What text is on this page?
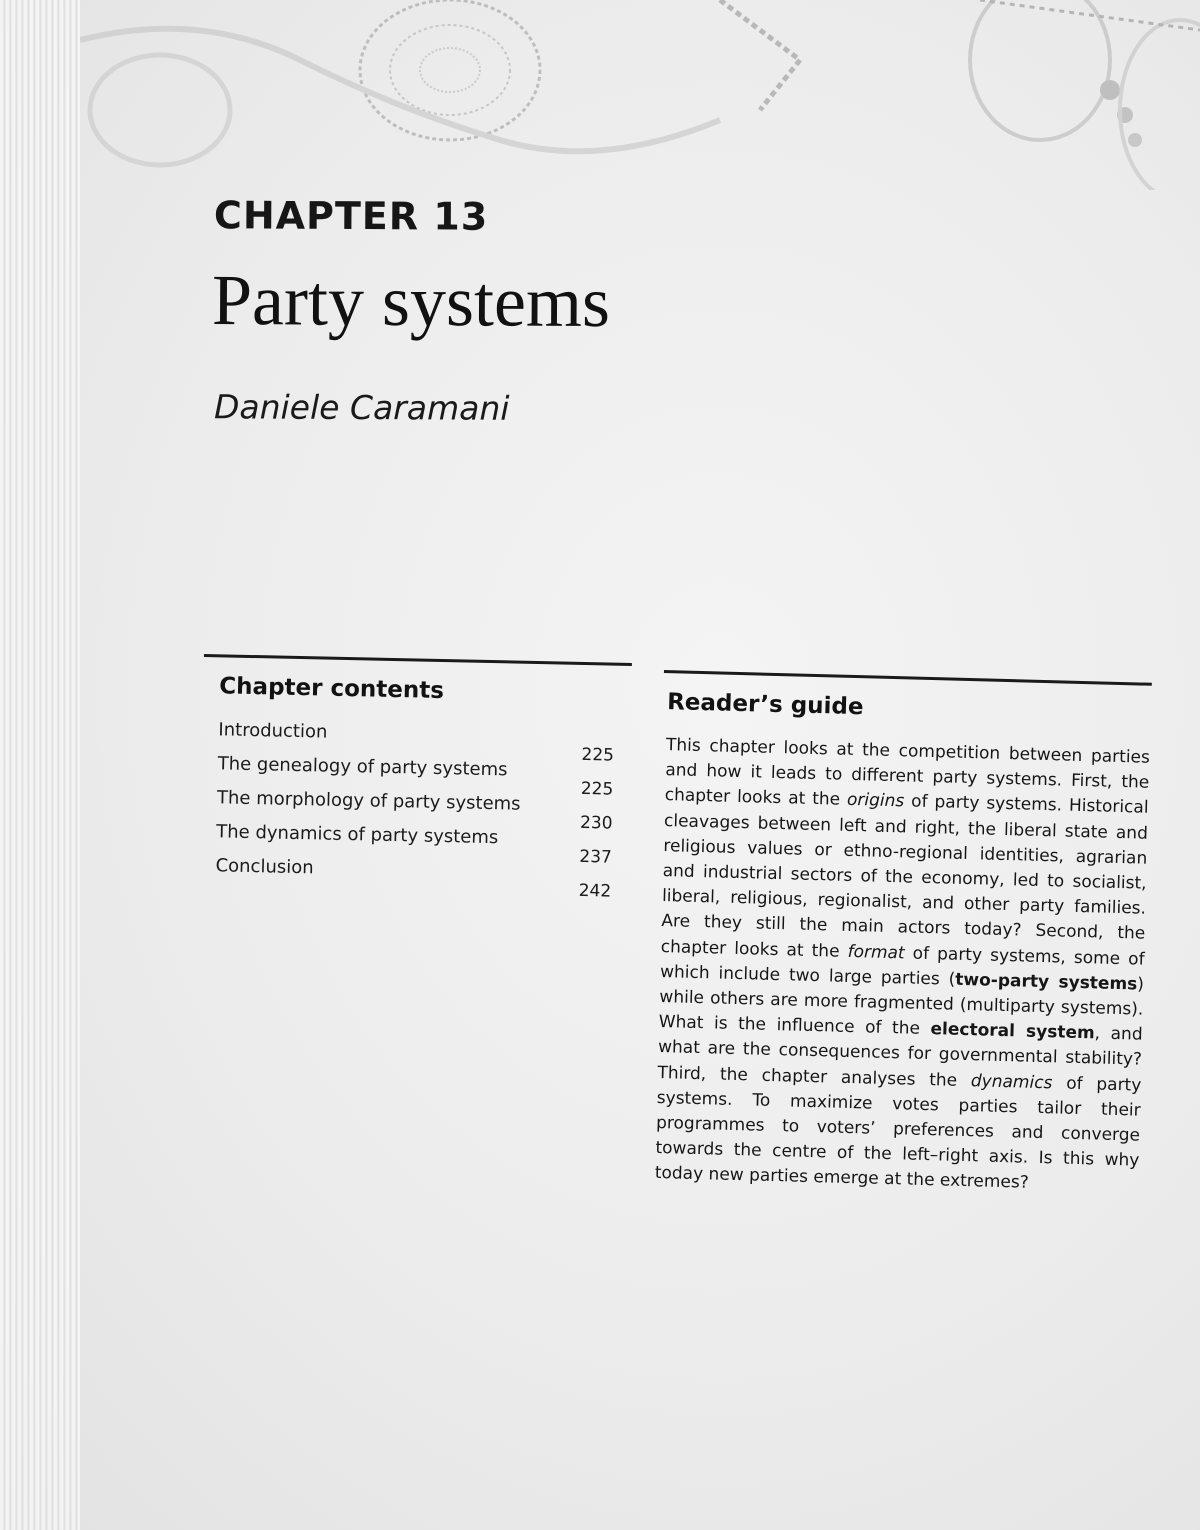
CHAPTER 13
Party systems

Daniele Caramani

Chapter contents
Introduction
225
The genealogy of party systems
225
The morphology of party systems
230
The dynamics of party systems
237
Conclusion
242
Reader’s guide

This chapter looks at the competition between parties and how it leads to different party systems. First, the chapter looks at the origins of party systems. Historical cleavages between left and right, the liberal state and religious values or ethno-regional identities, agrarian and industrial sectors of the economy, led to socialist, liberal, religious, regionalist, and other party families. Are they still the main actors today? Second, the chapter looks at the format of party systems, some of which include two large parties (two-party systems) while others are more fragmented (multiparty systems). What is the influence of the electoral system, and what are the consequences for governmental stability? Third, the chapter analyses the dynamics of party systems. To maximize votes parties tailor their programmes to voters’ preferences and converge towards the centre of the left–right axis. Is this why today new parties emerge at the extremes?
